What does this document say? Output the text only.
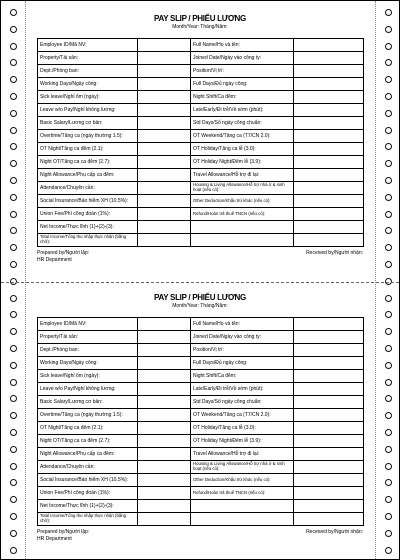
PAY SLIP / PHIẾU LƯƠNG
Month/Year: Tháng/Năm:
Employee ID/Mã NV:		Full Name/Họ và tên:	
Property/Tài sản:		Joined Date/Ngày vào công ty:	
Dept./Phòng ban:		Position/Vị trí:	
Working Days/Ngày công:		Full Days/Đủ ngày công:	
Sick leave/Nghỉ ốm (ngày):		Night Shift/Ca đêm:	
Leave w/o Pay/Nghỉ không lương:		Late/Early/Đi trễ/Về sớm (phút):	
Basic Salary/Lương cơ bản:		Std Days/Số ngày công chuẩn:	
Overtime/Tăng ca (ngày thường 1.5):		OT Weekend/Tăng ca (T7/CN 2.0):	
OT Night/Tăng ca đêm (2.1):		OT Holiday/Tăng ca lễ (3.0):	
Night OT/Tăng ca ca đêm (2.7):		OT Holiday Night/Đêm lễ (3.9):	
Night Allowance/Phụ cấp ca đêm:		Travel Allowance/Hỗ trợ đi lại:	
Attendance/Chuyên cần:		Housing & Living Allowance/Hỗ trợ nhà ở & sinh hoạt (nếu có):	
Social Insurance/Bảo hiểm XH (10.5%):		Other Deduction/Khấu trừ khác (nếu có):	
Union Fee/Phí công đoàn (1%):		Refund/Hoàn trả thuế TNCN (nếu có):	
Net Income/Thực lĩnh (1)+(2)-(3):			
Total Income/Tổng thu nhập thực nhận (bằng chữ):			
Prepared by/Người lập:
HR Department
Received by/Người nhận:
PAY SLIP / PHIẾU LƯƠNG
Month/Year: Tháng/Năm:
Employee ID/Mã NV:		Full Name/Họ và tên:	
Property/Tài sản:		Joined Date/Ngày vào công ty:	
Dept./Phòng ban:		Position/Vị trí:	
Working Days/Ngày công:		Full Days/Đủ ngày công:	
Sick leave/Nghỉ ốm (ngày):		Night Shift/Ca đêm:	
Leave w/o Pay/Nghỉ không lương:		Late/Early/Đi trễ/Về sớm (phút):	
Basic Salary/Lương cơ bản:		Std Days/Số ngày công chuẩn:	
Overtime/Tăng ca (ngày thường 1.5):		OT Weekend/Tăng ca (T7/CN 2.0):	
OT Night/Tăng ca đêm (2.1):		OT Holiday/Tăng ca lễ (3.0):	
Night OT/Tăng ca ca đêm (2.7):		OT Holiday Night/Đêm lễ (3.9):	
Night Allowance/Phụ cấp ca đêm:		Travel Allowance/Hỗ trợ đi lại:	
Attendance/Chuyên cần:		Housing & Living Allowance/Hỗ trợ nhà ở & sinh hoạt (nếu có):	
Social Insurance/Bảo hiểm XH (10.5%):		Other Deduction/Khấu trừ khác (nếu có):	
Union Fee/Phí công đoàn (1%):		Refund/Hoàn trả thuế TNCN (nếu có):	
Net Income/Thực lĩnh (1)+(2)-(3):			
Total Income/Tổng thu nhập thực nhận (bằng chữ):			
Prepared by/Người lập:
HR Department
Received by/Người nhận:
